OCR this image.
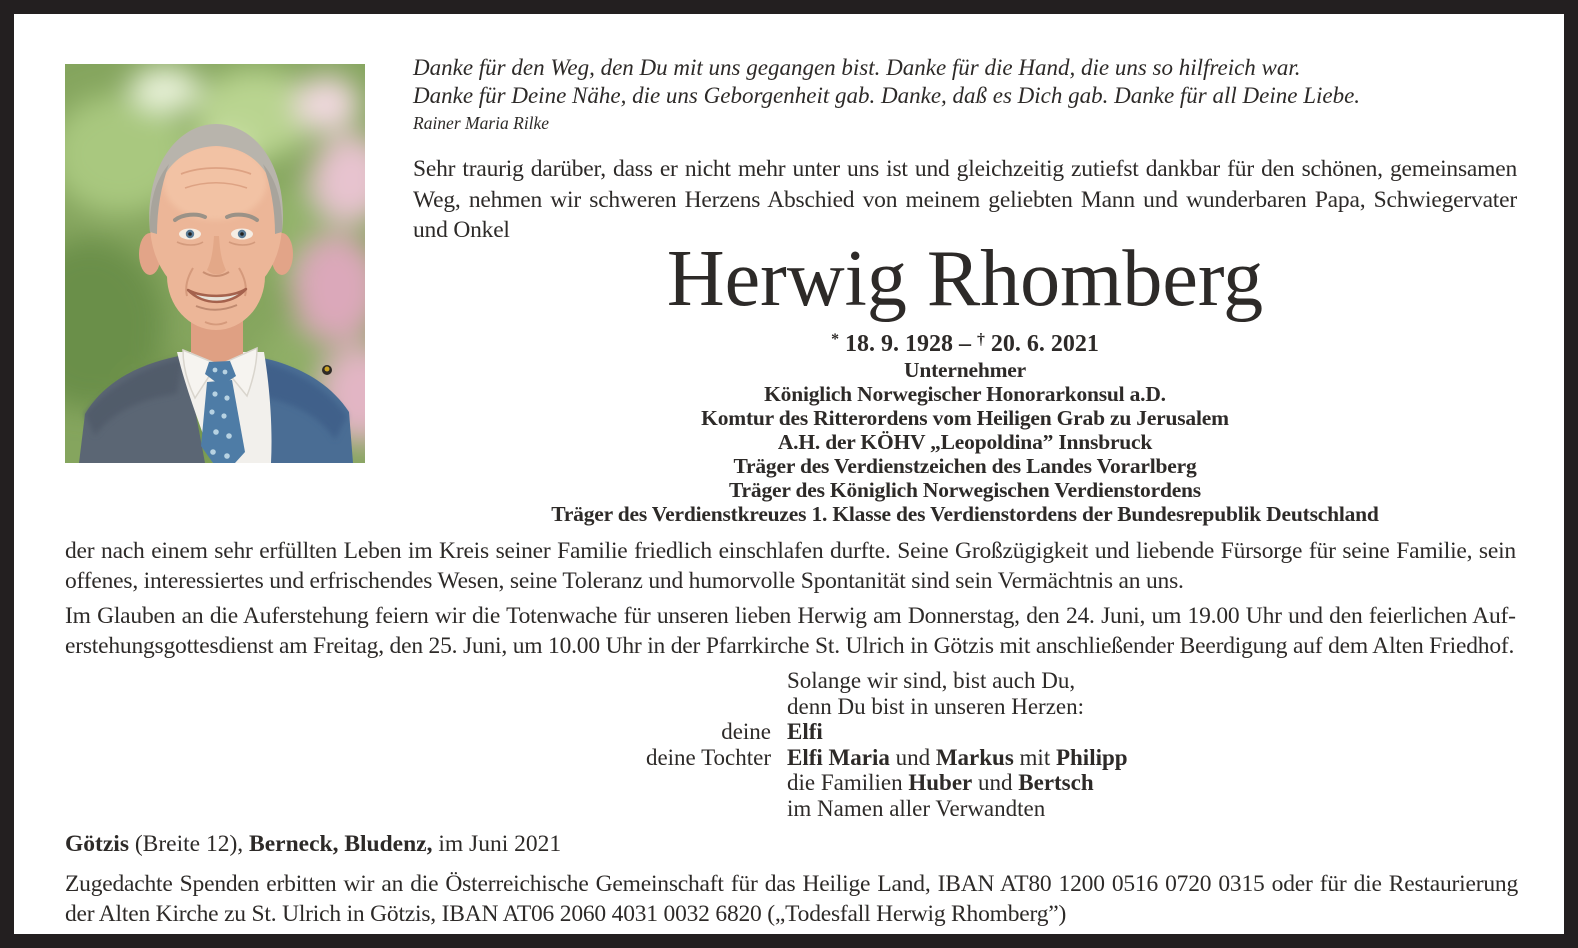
Danke für den Weg, den Du mit uns gegangen bist. Danke für die Hand, die uns so hilfreich war.
Danke für Deine Nähe, die uns Geborgenheit gab. Danke, daß es Dich gab. Danke für all Deine Liebe.
Rainer Maria Rilke
Sehr traurig darüber, dass er nicht mehr unter uns ist und gleichzeitig zutiefst dankbar für den schönen, gemeinsamen Weg, nehmen wir schweren Herzens Abschied von meinem geliebten Mann und wunderbaren Papa, Schwiegervater und Onkel
Herwig Rhomberg
* 18. 9. 1928 – † 20. 6. 2021
Unternehmer
Königlich Norwegischer Honorarkonsul a.D.
Komtur des Ritterordens vom Heiligen Grab zu Jerusalem
A.H. der KÖHV „Leopoldina” Innsbruck
Träger des Verdienstzeichen des Landes Vorarlberg
Träger des Königlich Norwegischen Verdienstordens
Träger des Verdienstkreuzes 1. Klasse des Verdienstordens der Bundesrepublik Deutschland
der nach einem sehr erfüllten Leben im Kreis seiner Familie friedlich einschlafen durfte. Seine Großzügigkeit und liebende Fürsorge für seine Familie, sein offenes, interessiertes und erfrischendes Wesen, seine Toleranz und humorvolle Spontanität sind sein Vermächtnis an uns.
Im Glauben an die Auferstehung feiern wir die Totenwache für unseren lieben Herwig am Donnerstag, den 24. Juni, um 19.00 Uhr und den feierlichen Auferstehungsgottesdienst am Freitag, den 25. Juni, um 10.00 Uhr in der Pfarrkirche St. Ulrich in Götzis mit anschließender Beerdigung auf dem Alten Friedhof.
Solange wir sind, bist auch Du,
denn Du bist in unseren Herzen:
deine Elfi
deine Tochter Elfi Maria und Markus mit Philipp
die Familien Huber und Bertsch
im Namen aller Verwandten
Götzis (Breite 12), Berneck, Bludenz, im Juni 2021
Zugedachte Spenden erbitten wir an die Österreichische Gemeinschaft für das Heilige Land, IBAN AT80 1200 0516 0720 0315 oder für die Restaurierung der Alten Kirche zu St. Ulrich in Götzis, IBAN AT06 2060 4031 0032 6820 („Todesfall Herwig Rhomberg”)
